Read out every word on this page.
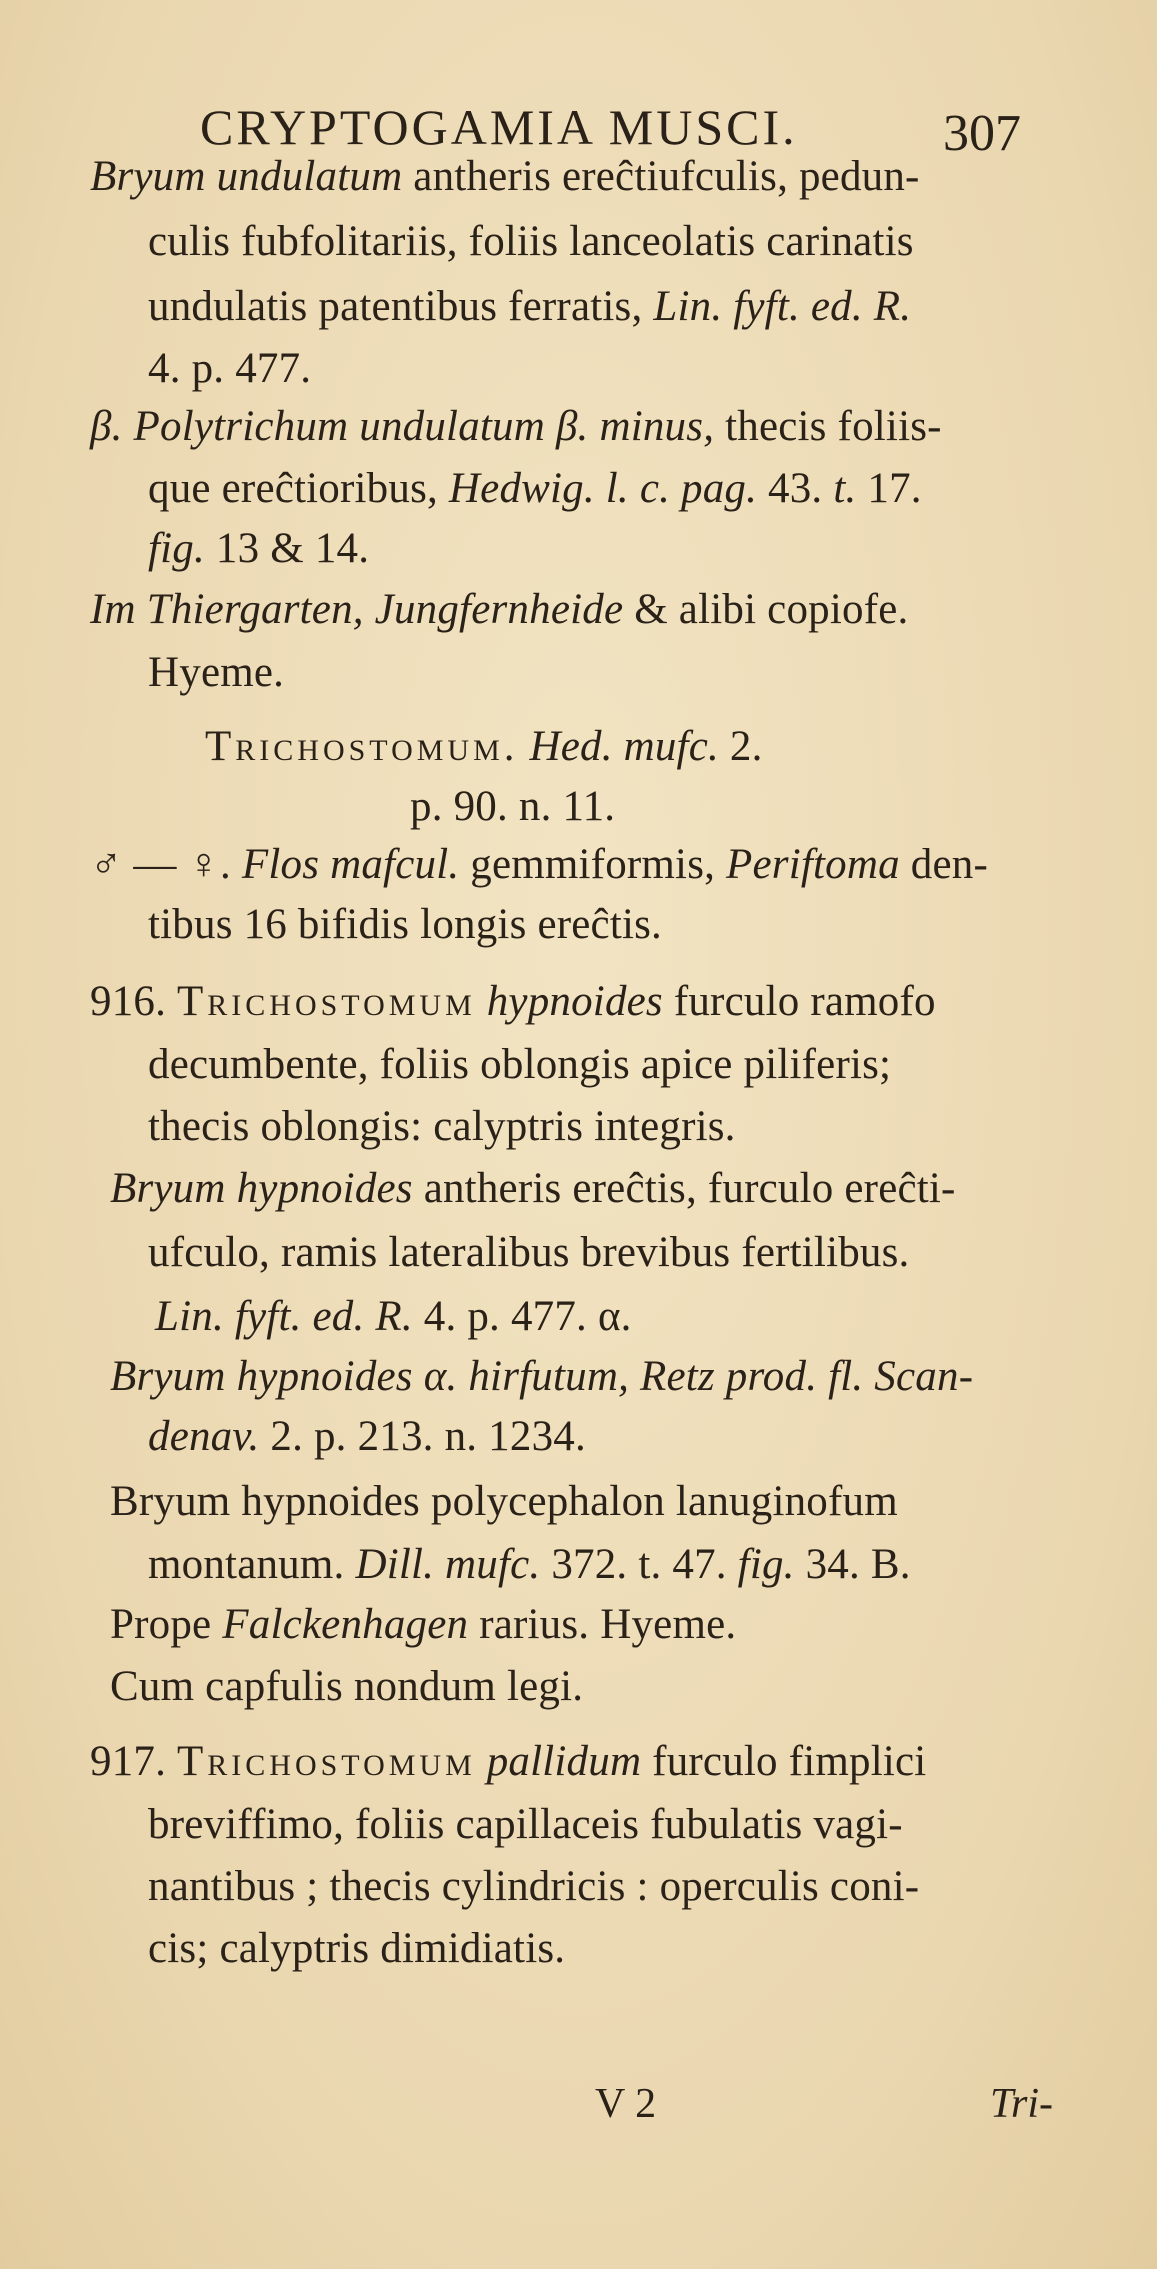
CRYPTOGAMIA MUSCI.	307
Bryum undulatum antheris ereĉtiufculis, pedun-
culis fubfolitariis, foliis lanceolatis carinatis
undulatis patentibus ferratis, Lin. fyft. ed. R.
4. p. 477.
β. Polytrichum undulatum β. minus, thecis foliis-
que ereĉtioribus, Hedwig. l. c. pag. 43. t. 17.
fig. 13 & 14.
Im Thiergarten, Jungfernheide & alibi copiofe.
Hyeme.
Trichostomum. Hed. mufc. 2.
p. 90. n. 11.
♂ — ♀. Flos mafcul. gemmiformis, Periftoma den-
tibus 16 bifidis longis ereĉtis.
916. Trichostomum hypnoides furculo ramofo
decumbente, foliis oblongis apice piliferis;
thecis oblongis: calyptris integris.
Bryum hypnoides antheris ereĉtis, furculo ereĉti-
ufculo, ramis lateralibus brevibus fertilibus.
Lin. fyft. ed. R. 4. p. 477. α.
Bryum hypnoides α. hirfutum, Retz prod. fl. Scan-
denav. 2. p. 213. n. 1234.
Bryum hypnoides polycephalon lanuginofum
montanum. Dill. mufc. 372. t. 47. fig. 34. B.
Prope Falckenhagen rarius. Hyeme.
Cum capfulis nondum legi.
917. Trichostomum pallidum furculo fimplici
breviffimo, foliis capillaceis fubulatis vagi-
nantibus ; thecis cylindricis : operculis coni-
cis; calyptris dimidiatis.
V 2	Tri-
